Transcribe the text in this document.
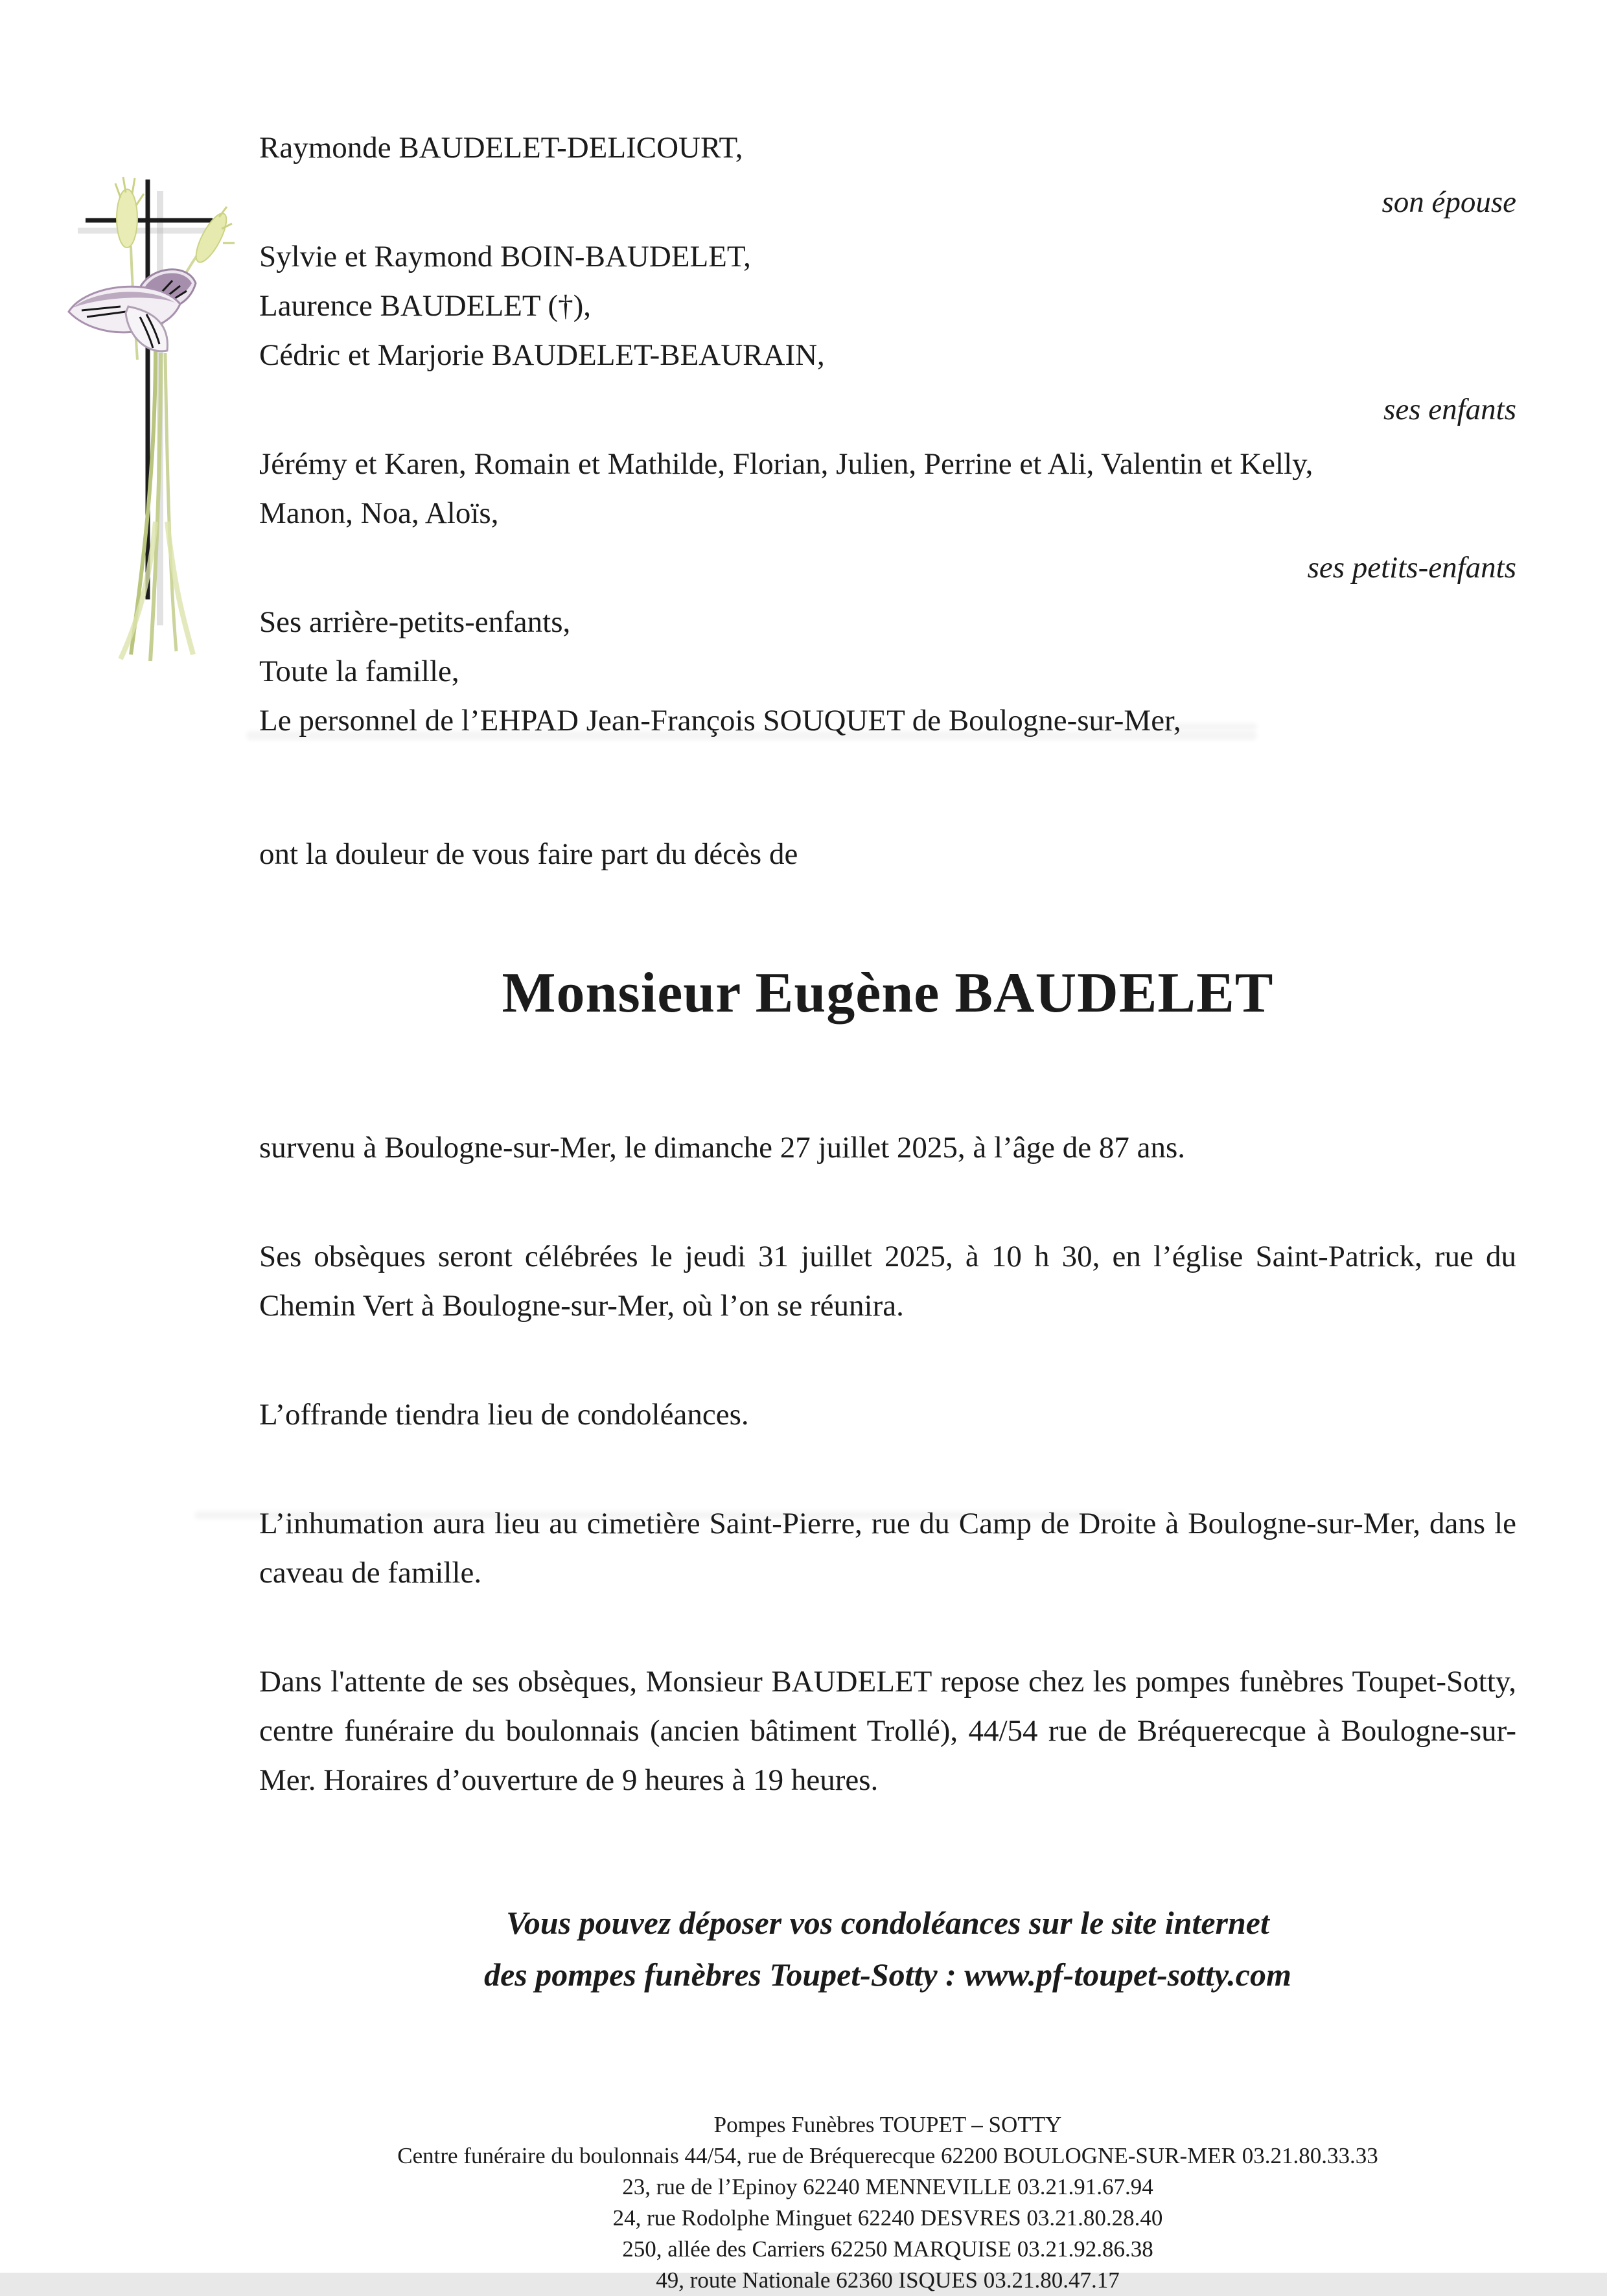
Raymonde BAUDELET-DELICOURT,
son épouse
Sylvie et Raymond BOIN-BAUDELET,
Laurence BAUDELET (†),
Cédric et Marjorie BAUDELET-BEAURAIN,
ses enfants
Jérémy et Karen, Romain et Mathilde, Florian, Julien, Perrine et Ali, Valentin et Kelly,
Manon, Noa, Aloïs,
ses petits-enfants
Ses arrière-petits-enfants,
Toute la famille,
Le personnel de l’EHPAD Jean-François SOUQUET de Boulogne-sur-Mer,
ont la douleur de vous faire part du décès de
Monsieur Eugène BAUDELET
survenu à Boulogne-sur-Mer, le dimanche 27 juillet 2025, à l’âge de 87 ans.
Ses obsèques seront célébrées le jeudi 31 juillet 2025, à 10 h 30, en l’église Saint-Patrick, rue du Chemin Vert à Boulogne-sur-Mer, où l’on se réunira.
L’offrande tiendra lieu de condoléances.
L’inhumation aura lieu au cimetière Saint-Pierre, rue du Camp de Droite à Boulogne-sur-Mer, dans le caveau de famille.
Dans l'attente de ses obsèques, Monsieur BAUDELET repose chez les pompes funèbres Toupet-Sotty, centre funéraire du boulonnais (ancien bâtiment Trollé), 44/54 rue de Bréquerecque à Boulogne-sur-Mer. Horaires d’ouverture de 9 heures à 19 heures.
Vous pouvez déposer vos condoléances sur le site internet
des pompes funèbres Toupet-Sotty : www.pf-toupet-sotty.com
Pompes Funèbres TOUPET – SOTTY
Centre funéraire du boulonnais 44/54, rue de Bréquerecque 62200 BOULOGNE-SUR-MER 03.21.80.33.33
23, rue de l’Epinoy 62240 MENNEVILLE 03.21.91.67.94
24, rue Rodolphe Minguet 62240 DESVRES 03.21.80.28.40
250, allée des Carriers 62250 MARQUISE 03.21.92.86.38
49, route Nationale 62360 ISQUES 03.21.80.47.17
